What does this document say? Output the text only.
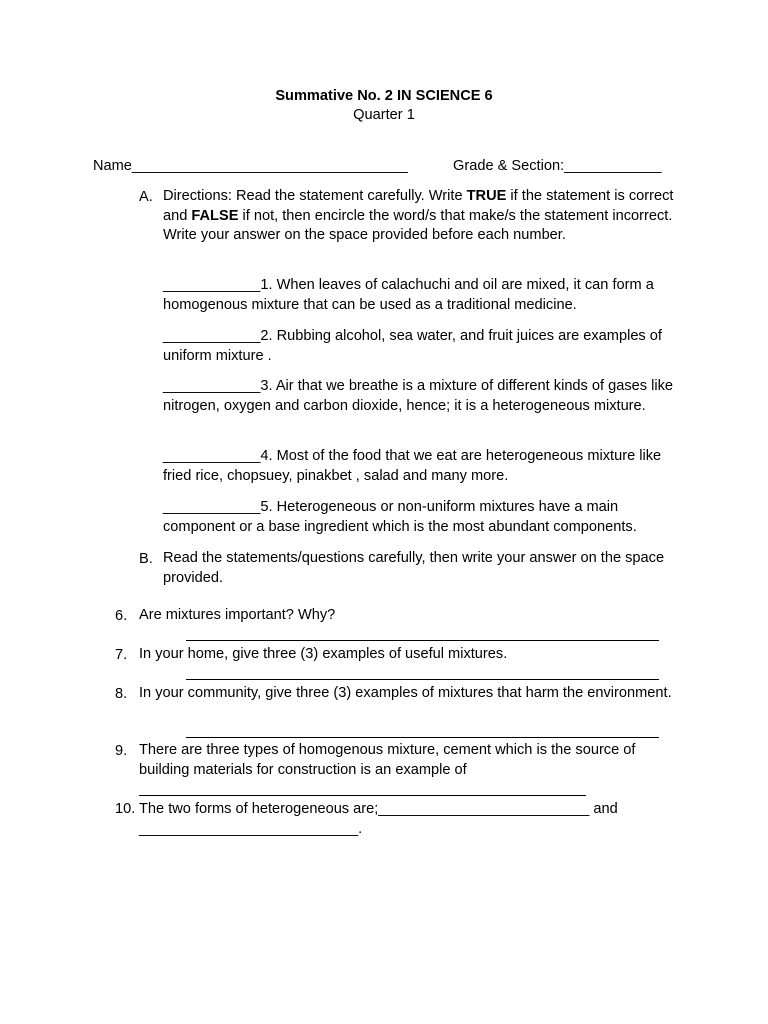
Summative No. 2 IN SCIENCE 6
Quarter 1
Name__________________________________	Grade & Section:____________
A. Directions: Read the statement carefully. Write TRUE if the statement is correct and FALSE if not, then encircle the word/s that make/s the statement incorrect. Write your answer on the space provided before each number.
____________1. When leaves of calachuchi and oil are mixed, it can form a homogenous mixture that can be used as a traditional medicine.
____________2. Rubbing alcohol, sea water, and fruit juices are examples of uniform mixture .
____________3. Air that we breathe is a mixture of different kinds of gases like nitrogen, oxygen and carbon dioxide, hence; it is a heterogeneous mixture.
____________4. Most of the food that we eat are heterogeneous mixture like fried rice, chopsuey, pinakbet , salad and many more.
____________5. Heterogeneous or non-uniform mixtures have a main component or a base ingredient which is the most abundant components.
B. Read the statements/questions carefully, then write your answer on the space provided.
6. Are mixtures important? Why?
7. In your home, give three (3) examples of useful mixtures.
8. In your community, give three (3) examples of mixtures that harm the environment.
9. There are three types of homogenous mixture, cement which is the source of building materials for construction is an example of
10. The two forms of heterogeneous are;__________________________ and
___________________________.
